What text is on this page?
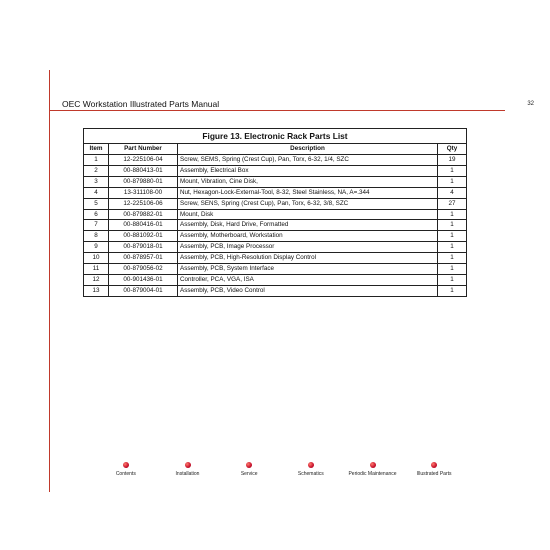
OEC Workstation Illustrated Parts Manual	32
Figure 13. Electronic Rack Parts List
Item	Part Number	Description	Qty
1	12-225106-04	Screw, SEMS, Spring (Crest Cup), Pan, Torx, 6-32, 1/4, SZC	19
2	00-880413-01	Assembly, Electrical Box	1
3	00-879880-01	Mount, Vibration, Cine Disk,	1
4	13-311108-00	Nut, Hexagon-Lock-External-Tool, 8-32, Steel Stainless, NA, A=.344	4
5	12-225106-06	Screw, SENS, Spring (Crest Cup), Pan, Torx, 6-32, 3/8, SZC	27
6	00-879882-01	Mount, Disk	1
7	00-880416-01	Assembly, Disk, Hard Drive, Formatted	1
8	00-881092-01	Assembly, Motherboard, Workstation	1
9	00-879018-01	Assembly, PCB, Image Processor	1
10	00-878957-01	Assembly, PCB, High-Resolution Display Control	1
11	00-879056-02	Assembly, PCB, System Interface	1
12	00-901436-01	Controller, PCA, VGA, ISA	1
13	00-879004-01	Assembly, PCB, Video Control	1
Contents	Installation	Service	Schematics	Periodic Maintenance	Illustrated Parts
